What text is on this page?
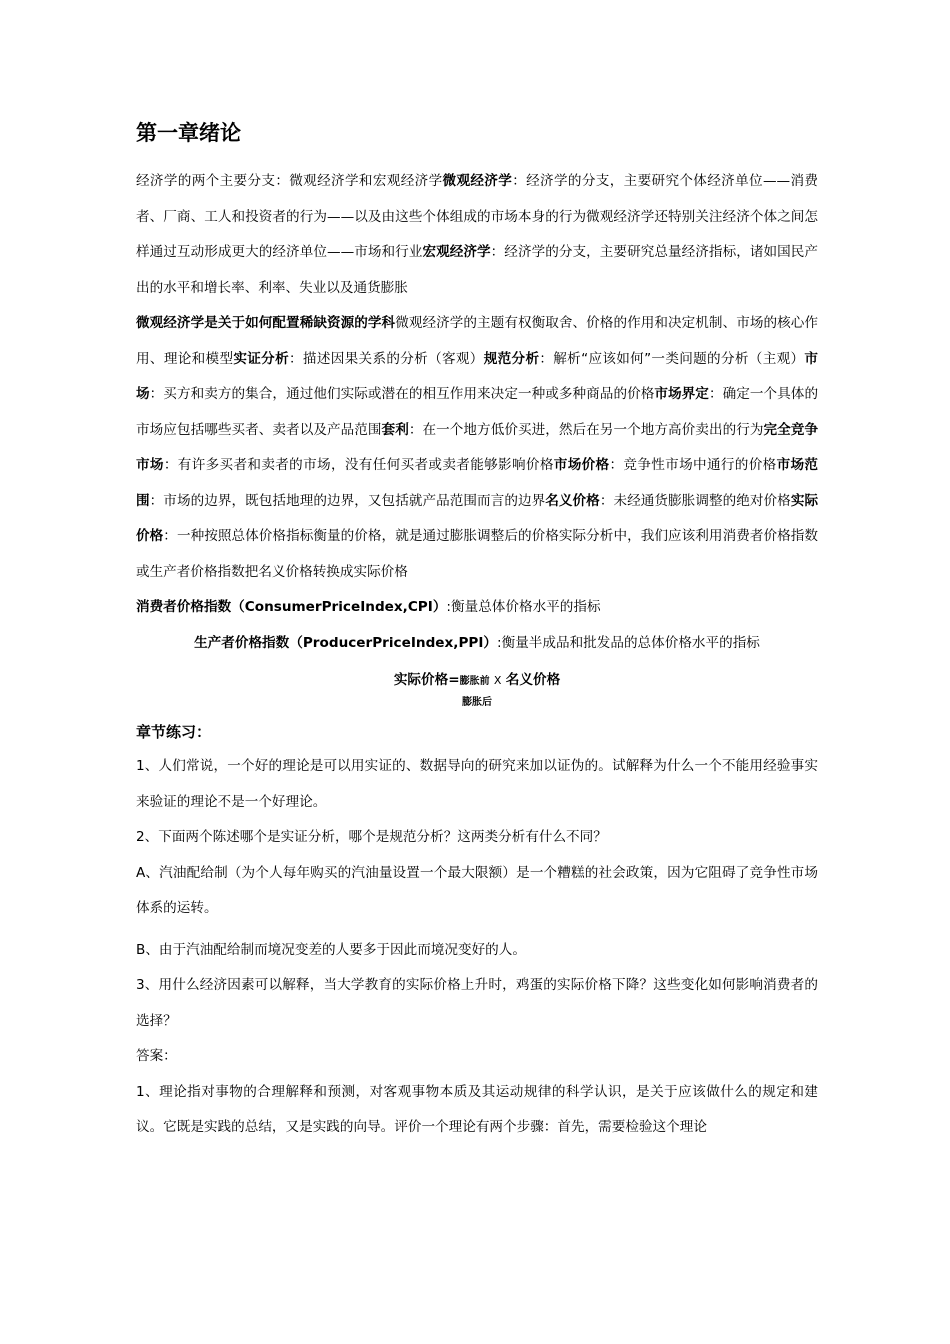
第一章绪论

经济学的两个主要分支：微观经济学和宏观经济学微观经济学：经济学的分支，主要研究个体经济单位——消费者、厂商、工人和投资者的行为——以及由这些个体组成的市场本身的行为微观经济学还特别关注经济个体之间怎样通过互动形成更大的经济单位——市场和行业宏观经济学：经济学的分支，主要研究总量经济指标，诸如国民产出的水平和增长率、利率、失业以及通货膨胀

微观经济学是关于如何配置稀缺资源的学科微观经济学的主题有权衡取舍、价格的作用和决定机制、市场的核心作用、理论和模型实证分析：描述因果关系的分析（客观）规范分析：解析“应该如何”一类问题的分析（主观）市场：买方和卖方的集合，通过他们实际或潜在的相互作用来决定一种或多种商品的价格市场界定：确定一个具体的市场应包括哪些买者、卖者以及产品范围套利：在一个地方低价买进，然后在另一个地方高价卖出的行为完全竞争市场：有许多买者和卖者的市场，没有任何买者或卖者能够影响价格市场价格：竞争性市场中通行的价格市场范围：市场的边界，既包括地理的边界，又包括就产品范围而言的边界名义价格：未经通货膨胀调整的绝对价格实际价格：一种按照总体价格指标衡量的价格，就是通过膨胀调整后的价格实际分析中，我们应该利用消费者价格指数或生产者价格指数把名义价格转换成实际价格

消费者价格指数（ConsumerPriceIndex,CPI）:衡量总体价格水平的指标

生产者价格指数（ProducerPriceIndex,PPI）:衡量半成品和批发品的总体价格水平的指标

实际价格=膨胀前 X 名义价格
膨胀后
章节练习：

1、人们常说，一个好的理论是可以用实证的、数据导向的研究来加以证伪的。试解释为什么一个不能用经验事实来验证的理论不是一个好理论。

2、下面两个陈述哪个是实证分析，哪个是规范分析？这两类分析有什么不同？

A、汽油配给制（为个人每年购买的汽油量设置一个最大限额）是一个糟糕的社会政策，因为它阻碍了竞争性市场体系的运转。

B、由于汽油配给制而境况变差的人要多于因此而境况变好的人。

3、用什么经济因素可以解释，当大学教育的实际价格上升时，鸡蛋的实际价格下降？这些变化如何影响消费者的选择？

答案：

1、理论指对事物的合理解释和预测，对客观事物本质及其运动规律的科学认识，是关于应该做什么的规定和建议。它既是实践的总结，又是实践的向导。评价一个理论有两个步骤：首先，需要检验这个理论
